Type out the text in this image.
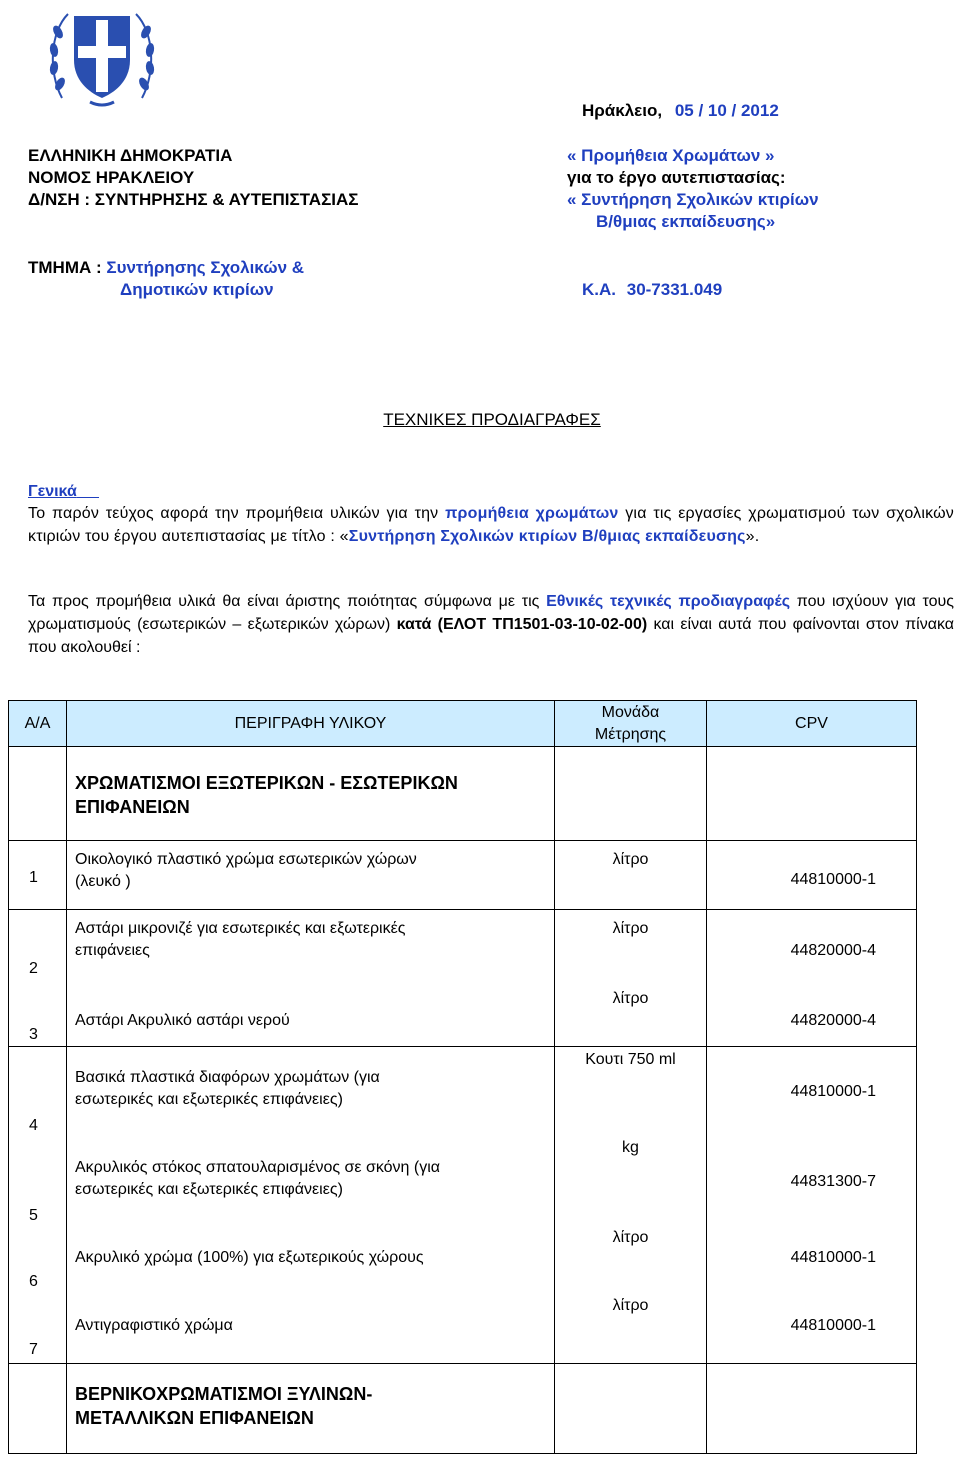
Ηράκλειο, 05 / 10 / 2012
ΕΛΛΗΝΙΚΗ ΔΗΜΟΚΡΑΤΙΑ
ΝΟΜΟΣ ΗΡΑΚΛΕΙΟΥ
Δ/ΝΣΗ : ΣΥΝΤΗΡΗΣΗΣ & ΑΥΤΕΠΙΣΤΑΣΙΑΣ
« Προμήθεια Χρωμάτων »
για το έργο αυτεπιστασίας:
« Συντήρηση Σχολικών κτιρίων
Β/θμιας εκπαίδευσης»
ΤΜΗΜΑ : Συντήρησης Σχολικών &
Δημοτικών κτιρίων	Κ.Α. 30-7331.049
ΤΕΧΝΙΚΕΣ ΠΡΟΔΙΑΓΡΑΦΕΣ
Γενικά
Το παρόν τεύχος αφορά την προμήθεια υλικών για την προμήθεια χρωμάτων για τις εργασίες χρωματισμού των σχολικών κτιριών του έργου αυτεπιστασίας με τίτλο : «Συντήρηση Σχολικών κτιρίων Β/θμιας εκπαίδευσης».
Τα προς προμήθεια υλικά θα είναι άριστης ποιότητας σύμφωνα με τις Εθνικές τεχνικές προδιαγραφές που ισχύουν για τους χρωματισμούς (εσωτερικών – εξωτερικών χώρων) κατά (ΕΛΟΤ ΤΠ1501-03-10-02-00) και είναι αυτά που φαίνονται στον πίνακα που ακολουθεί :
Α/Α	ΠΕΡΙΓΡΑΦΗ ΥΛΙΚΟΥ	Μονάδα
Μέτρησης	CPV

	ΧΡΩΜΑΤΙΣΜΟΙ ΕΞΩΤΕΡΙΚΩΝ - ΕΣΩΤΕΡΙΚΩΝ
ΕΠΙΦΑΝΕΙΩΝ		

1	Οικολογικό πλαστικό χρώμα εσωτερικών χώρων
(λευκό )	λίτρο	44810000-1

2	Αστάρι μικρονιζέ για εσωτερικές και εξωτερικές
επιφάνειες	λίτρο	44820000-4

3	Αστάρι Ακρυλικό αστάρι νερού	λίτρο	44820000-4

4	Βασικά πλαστικά διαφόρων χρωμάτων (για
εσωτερικές και εξωτερικές επιφάνειες)	Κουτι 750 ml	44810000-1

5	Ακρυλικός στόκος σπατουλαρισμένος σε σκόνη (για
εσωτερικές και εξωτερικές επιφάνειες)	kg	44831300-7

6	Ακρυλικό χρώμα (100%) για εξωτερικούς χώρους	λίτρο	44810000-1

7	Αντιγραφιστικό χρώμα	λίτρο	44810000-1

	ΒΕΡΝΙΚΟΧΡΩΜΑΤΙΣΜΟΙ ΞΥΛΙΝΩΝ-
ΜΕΤΑΛΛΙΚΩΝ ΕΠΙΦΑΝΕΙΩΝ		
